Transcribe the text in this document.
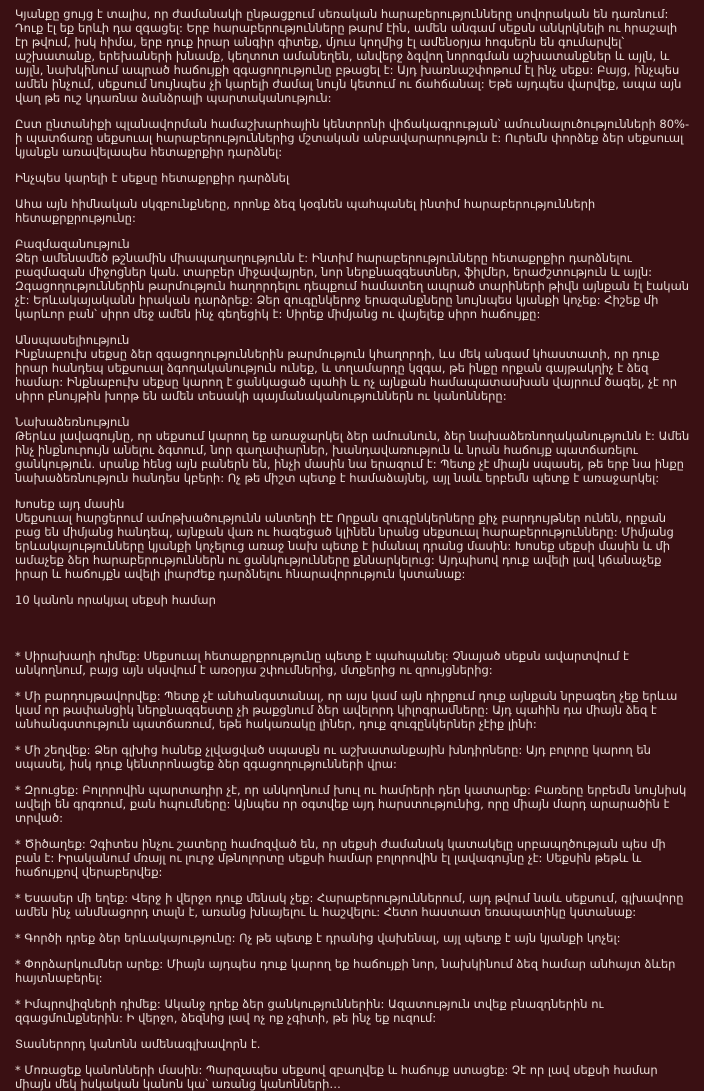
Կյանքը ցույց է տալիս, որ ժամանակի ընթացքում սեռական հարաբերությունները սովորական են դառնում: Դուք էլ եք երևի դա զգացել: Երբ հարաբերությունները թարմ էին, ամեն անգամ սեքսն անկրկնելի ու հրաշալի էր թվում, իսկ հիմա, երբ դուք իրար անգիր գիտեք, մյուս կողմից էլ ամենօրյա հոգսերն են գումարվել՝ աշխատանք, երեխաների խնամք, կեղտոտ ամանեղեն, անվերջ ձգվող նորոգման աշխատանքներ և այլն, և այլն, նախկինում ապրած հաճույքի զգացողությունը բթացել է: Այդ խառնաշփոթում էլ ինչ սեքս: Բայց, ինչպես ամեն ինչում, սեքսում նույնպես չի կարելի ժամալ նույն կետում ու ճահճանալ: Եթե այդպես վարվեք, ապա այն վաղ թե ուշ կդառնա ձանձրալի պարտականություն:

Ըստ ընտանիքի պլանավորման համաշխարհային կենտրոնի վիճակագրության՝ ամուսնալուծությունների 80%-ի պատճառը սեքսուալ հարաբերություններից մշտական անբավարարություն է: Ուրեմն փորձեք ձեր սեքսուալ կյանքն առավելապես հետաքրքիր դարձնել:

Ինչպես կարելի է սեքսը հետաքրքիր դարձնել

Ահա այն հիմնական սկզբունքները, որոնք ձեզ կօգնեն պահպանել ինտիմ հարաբերությունների հետաքրքրությունը:

Բազմազանություն
Ձեր ամենամեծ թշնամին միապաղաղությունն է: Ինտիմ հարաբերությունները հետաքրքիր դարձնելու բազմազան միջոցներ կան. տարբեր միջավայրեր, նոր ներքնազգեստներ, ֆիլմեր, երաժշտություն և այլն: Զգացողություններին թարմություն հաղորդելու դեպքում համատեղ ապրած տարիների թիվն այնքան էլ էական չէ: Երևակայականն իրական դարձրեք: Ձեր զուգընկերոջ երազանքները նույնպես կյանքի կոչեք: Հիշեք մի կարևոր բան՝ սիրո մեջ ամեն ինչ գեղեցիկ է: Սիրեք միմյանց ու վայելեք սիրո հաճույքը:
Անսպասելիություն
Ինքնաբուխ սեքսը ձեր զգացողություններին թարմություն կհաղորդի, ևս մեկ անգամ կհաստատի, որ դուք իրար հանդեպ սեքսուալ ձգողականություն ունեք, և տղամարդը կզգա, թե ինքը որքան գայթակղիչ է ձեզ համար: Ինքնաբուխ սեքսը կարող է ցանկացած պահի և ոչ այնքան համապատասխան վայրում ծագել, չէ որ սիրո բնույթին խորթ են ամեն տեսակի պայմանականություններն ու կանոնները:
Նախաձեռնություն
Թերևս լավագույնը, որ սեքսում կարող եք առաջարկել ձեր ամուսնուն, ձեր նախաձեռնողականությունն է: Ամեն ինչ ինքնուրույն անելու ձգտում, նոր գաղափարներ, խանդավառություն և նրան հաճույք պատճառելու ցանկություն. սրանք հենց այն բաներն են, ինչի մասին նա երազում է: Պետք չէ միայն սպասել, թե երբ նա ինքը նախաձեռնություն հանդես կբերի: Ոչ թե միշտ պետք է համաձայնել, այլ նաև երբեմն պետք է առաջարկել:
Խոսեք այդ մասին
Սեքսուալ հարցերում ամոթխածությունն անտեղի էԷ Որքան զուգընկերները քիչ բարդույթներ ունեն, որքան բաց են միմյանց հանդեպ, այնքան վառ ու հագեցած կլինեն նրանց սեքսուալ հարաբերությունները: Միմյանց երևակայությունները կյանքի կոչելուց առաջ նախ պետք է իմանալ դրանց մասին: Խոսեք սեքսի մասին և մի ամաչեք ձեր հարաբերություններն ու ցանկությունները քննարկելուց: Այդպիսով դուք ավելի լավ կճանաչեք իրար և հաճույքն ավելի լիարժեք դարձնելու հնարավորություն կստանաք:

10 կանոն որակյալ սեքսի համար

* Սիրախաղի դիմեք: Սեքսուալ հետաքրքրությունը պետք է պահպանել: Չնայած սեքսն ավարտվում է անկողնում, բայց այն սկսվում է առօրյա շփումներից, մտքերից ու զրույցներից:

* Մի բարդույթավորվեք: Պետք չէ անհանգստանալ, որ այս կամ այն դիրքում դուք այնքան նրբագեղ չեք երևա կամ որ թափանցիկ ներքնազգեստը չի թաքցնում ձեր ավելորդ կիլոգրամները: Այդ պահին դա միայն ձեզ է անհանգստություն պատճառում, եթե հակառակը լիներ, դուք զուգընկերներ չէիք լինի:

* Մի շեղվեք: Ձեր գլխից հանեք չլվացված սպասքն ու աշխատանքային խնդիրները: Այդ բոլորը կարող են սպասել, իսկ դուք կենտրոնացեք ձեր զգացողությունների վրա:

* Զրուցեք: Բոլորովին պարտադիր չէ, որ անկողնում խուլ ու համրերի դեր կատարեք: Բառերը երբեմն նույնիսկ ավելի են գրգռում, քան հպումները: Այնպես որ օգտվեք այդ հարստությունից, որը միայն մարդ արարածին է տրված:

* Ծիծաղեք: Չգիտես ինչու շատերը համոզված են, որ սեքսի ժամանակ կատակելը սրբապղծության պես մի բան է: Իրականում մռայլ ու լուրջ մթնոլորտը սեքսի համար բոլորովին էլ լավագույնը չէ: Սեքսին թեթև և հաճույքով վերաբերվեք:

* Եսասեր մի եղեք: Վերջ ի վերջո դուք մենակ չեք: Հարաբերություններում, այդ թվում նաև սեքսում, գլխավորը ամեն ինչ անմնացորդ տալն է, առանց խնայելու և հաշվելու: Հետո հաստատ եռապատիկը կստանաք:

* Գործի դրեք ձեր երևակայությունը: Ոչ թե պետք է դրանից վախենալ, այլ պետք է այն կյանքի կոչել:

* Փորձարկումներ արեք: Միայն այդպես դուք կարող եք հաճույքի նոր, նախկինում ձեզ համար անհայտ ձևեր հայտնաբերել:

* Իմպրովիզների դիմեք: Ականջ դրեք ձեր ցանկություններին: Ազատություն տվեք բնազդներին ու զգացմունքներին: Ի վերջո, ձեզնից լավ ոչ ոք չգիտի, թե ինչ եք ուզում:

Տասներորդ կանոնն ամենագլխավորն է.

* Մոռացեք կանոնների մասին: Պարզապես սեքսով զբաղվեք և հաճույք ստացեք: Չէ որ լավ սեքսի համար միայն մեկ իսկական կանոն կա՝ առանց կանոնների…
